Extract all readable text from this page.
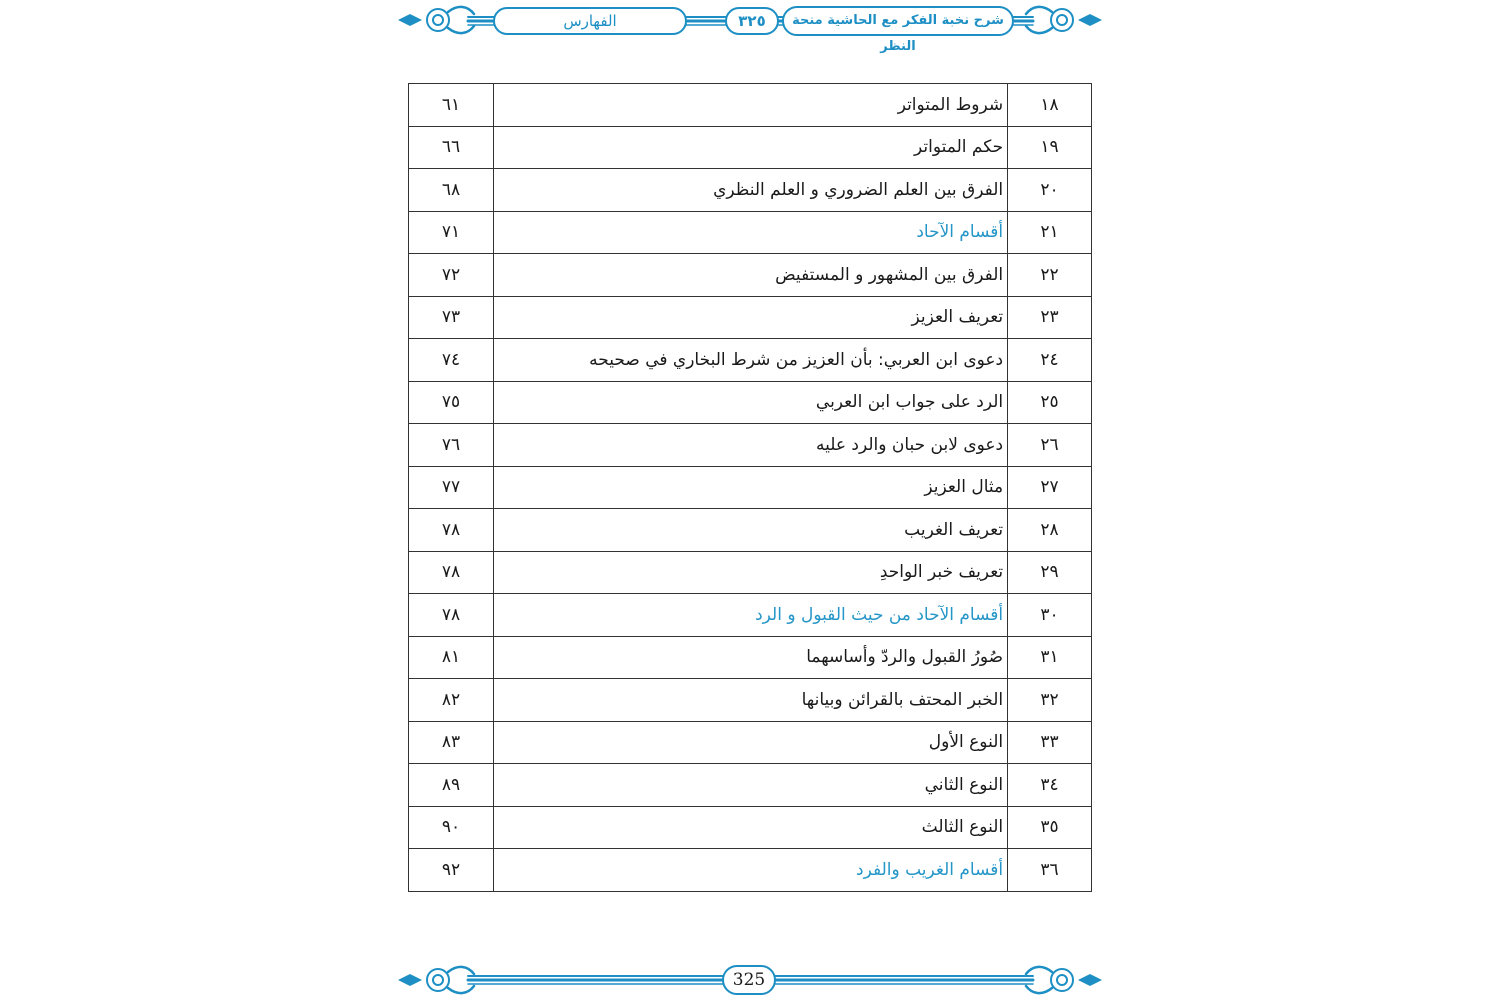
الفهارس	٣٢٥	شرح نخبة الفكر مع الحاشية منحة النظر
١٨	شروط المتواتر	٦١
١٩	حكم المتواتر	٦٦
٢٠	الفرق بين العلم الضروري و العلم النظري	٦٨
٢١	أقسام الآحاد	٧١
٢٢	الفرق بين المشهور و المستفيض	٧٢
٢٣	تعريف العزيز	٧٣
٢٤	دعوى ابن العربي: بأن العزيز من شرط البخاري في صحيحه	٧٤
٢٥	الرد على جواب ابن العربي	٧٥
٢٦	دعوى لابن حبان والرد عليه	٧٦
٢٧	مثال العزيز	٧٧
٢٨	تعريف الغريب	٧٨
٢٩	تعريف خبر الواحدِ	٧٨
٣٠	أقسام الآحاد من حيث القبول و الرد	٧٨
٣١	صُورُ القبول والردّ وأساسهما	٨١
٣٢	الخبر المحتف بالقرائن وبيانها	٨٢
٣٣	النوع الأول	٨٣
٣٤	النوع الثاني	٨٩
٣٥	النوع الثالث	٩٠
٣٦	أقسام الغريب والفرد	٩٢
325
